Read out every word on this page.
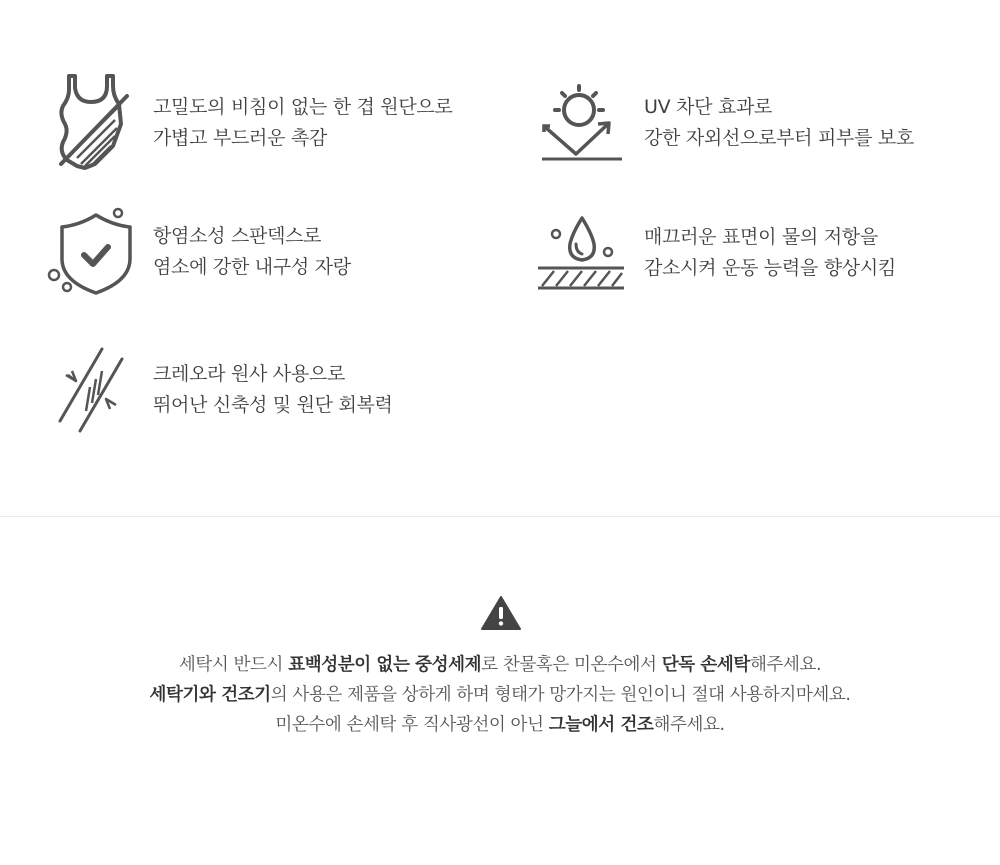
고밀도의 비침이 없는 한 겹 원단으로
가볍고 부드러운 촉감
UV 차단 효과로
강한 자외선으로부터 피부를 보호
항염소성 스판덱스로
염소에 강한 내구성 자랑
매끄러운 표면이 물의 저항을
감소시켜 운동 능력을 향상시킴
크레오라 원사 사용으로
뛰어난 신축성 및 원단 회복력
세탁시 반드시 표백성분이 없는 중성세제로 찬물혹은 미온수에서 단독 손세탁해주세요.
세탁기와 건조기의 사용은 제품을 상하게 하며 형태가 망가지는 원인이니 절대 사용하지마세요.
미온수에 손세탁 후 직사광선이 아닌 그늘에서 건조해주세요.
